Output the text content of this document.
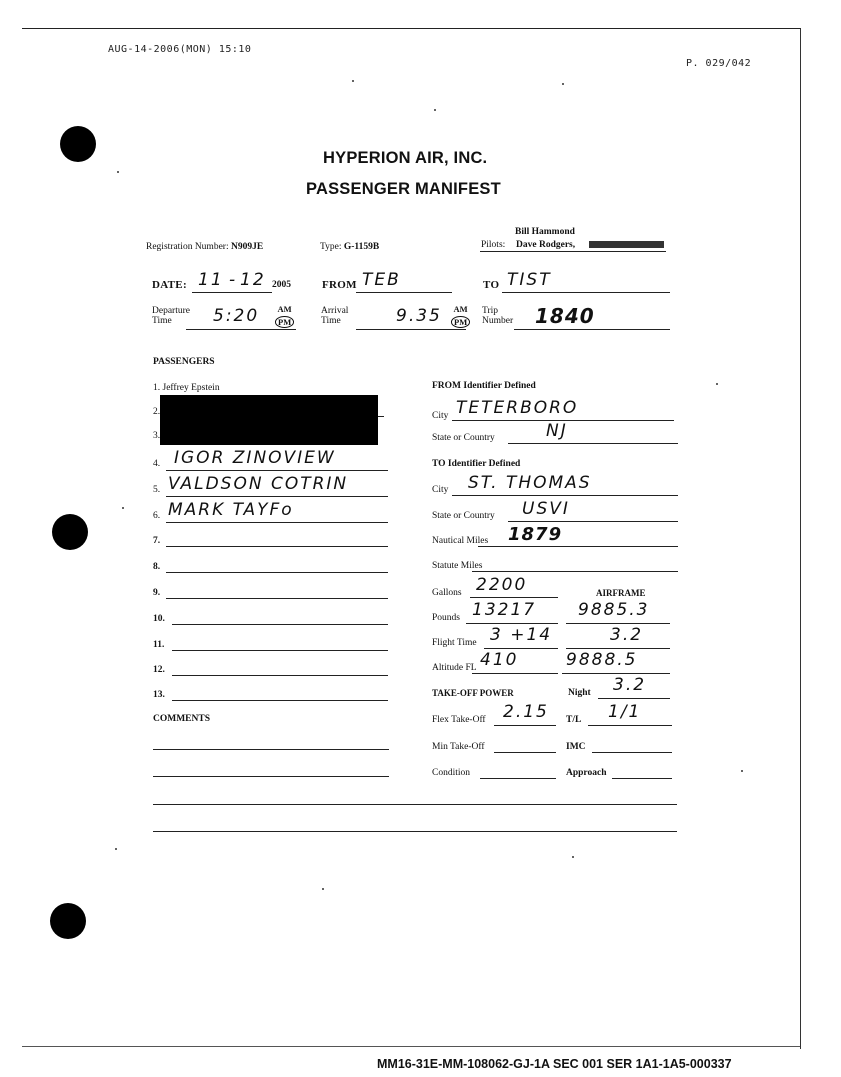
AUG-14-2006(MON) 15:10
P. 029/042
HYPERION AIR, INC.
PASSENGER MANIFEST
Registration Number: N909JE	Type: G-1159B
Bill Hammond
Pilots: Dave Rodgers,
DATE: 11 - 12 2005	FROM TEB	TO TIST
Departure
Time	5:20 AM
PM
Arrival
Time	9.35 AM
PM
Trip
Number 1840
PASSENGERS
1. Jeffrey Epstein
2.
3.
4. IGOR ZINOVIEW
5. VALDSON COTRIN
6. MARK TAYFo
7.
8.
9.
10.
11.
12.
13.
COMMENTS
FROM Identifier Defined
City TETERBORO
State or Country	NJ
TO Identifier Defined
City ST. THOMAS
State or Country USVI
Nautical Miles 1879
Statute Miles
Gallons 2200	AIRFRAME
Pounds 13217 9885.3
Flight Time 3 +14	3.2
Altitude FL 410	9888.5
TAKE-OFF POWER	Night 3.2
Flex Take-Off 2.15 T/L 1/1
Min Take-Off	IMC
Condition	Approach
MM16-31E-MM-108062-GJ-1A SEC 001 SER 1A1-1A5-000337
